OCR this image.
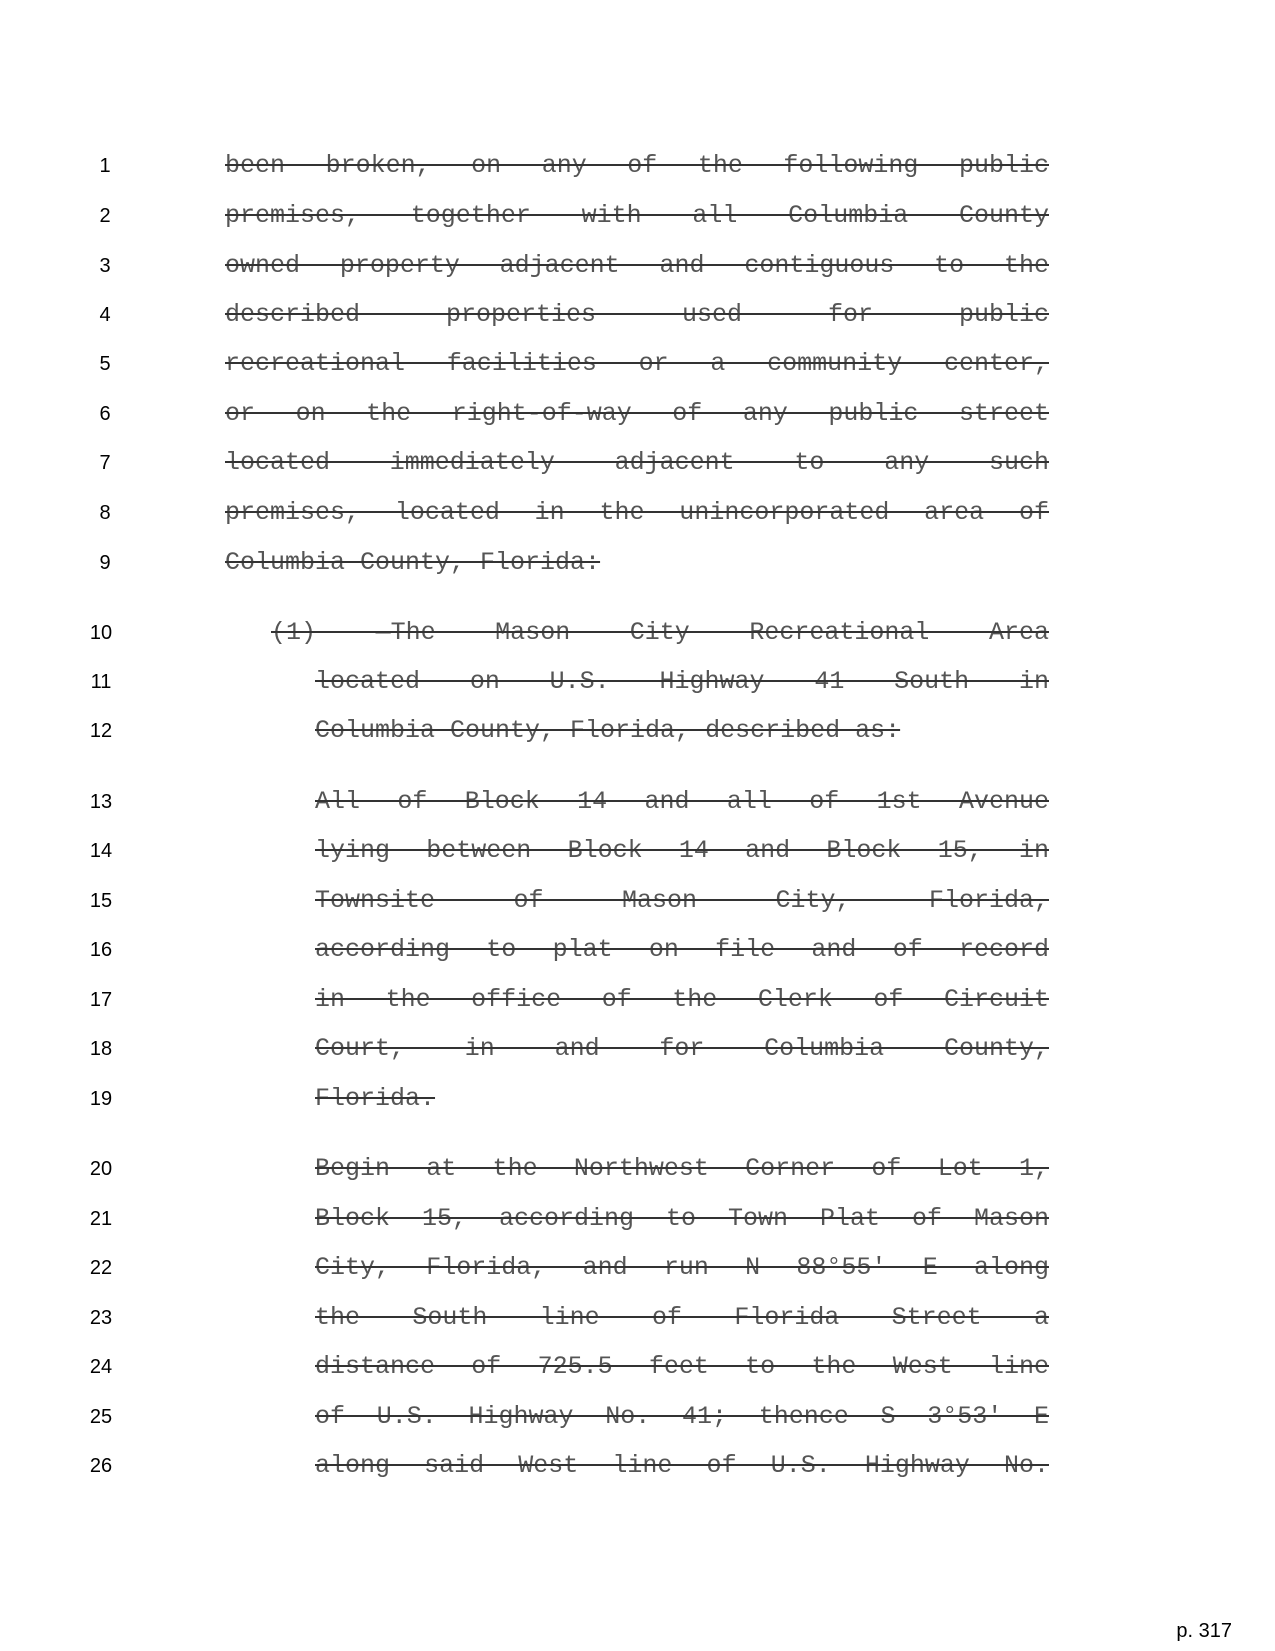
1
2
3
4
5
6
7
8
9
10
11
12
13
14
15
16
17
18
19
20
21
22
23
24
25
26
been broken, on any of the following public
premises, together with all Columbia County
owned property adjacent and contiguous to the
described properties used for public
recreational facilities or a community center,
or on the right-of-way of any public street
located immediately adjacent to any such
premises, located in the unincorporated area of
Columbia County, Florida:
(1) —The Mason City Recreational Area
located on U.S. Highway 41 South in
Columbia County, Florida, described as:
All of Block 14 and all of 1st Avenue
lying between Block 14 and Block 15, in
Townsite of Mason City, Florida,
according to plat on file and of record
in the office of the Clerk of Circuit
Court, in and for Columbia County,
Florida.
Begin at the Northwest Corner of Lot 1,
Block 15, according to Town Plat of Mason
City, Florida, and run N 88°55′ E along
the South line of Florida Street a
distance of 725.5 feet to the West line
of U.S. Highway No. 41; thence S 3°53′ E
along said West line of U.S. Highway No.
p. 317
